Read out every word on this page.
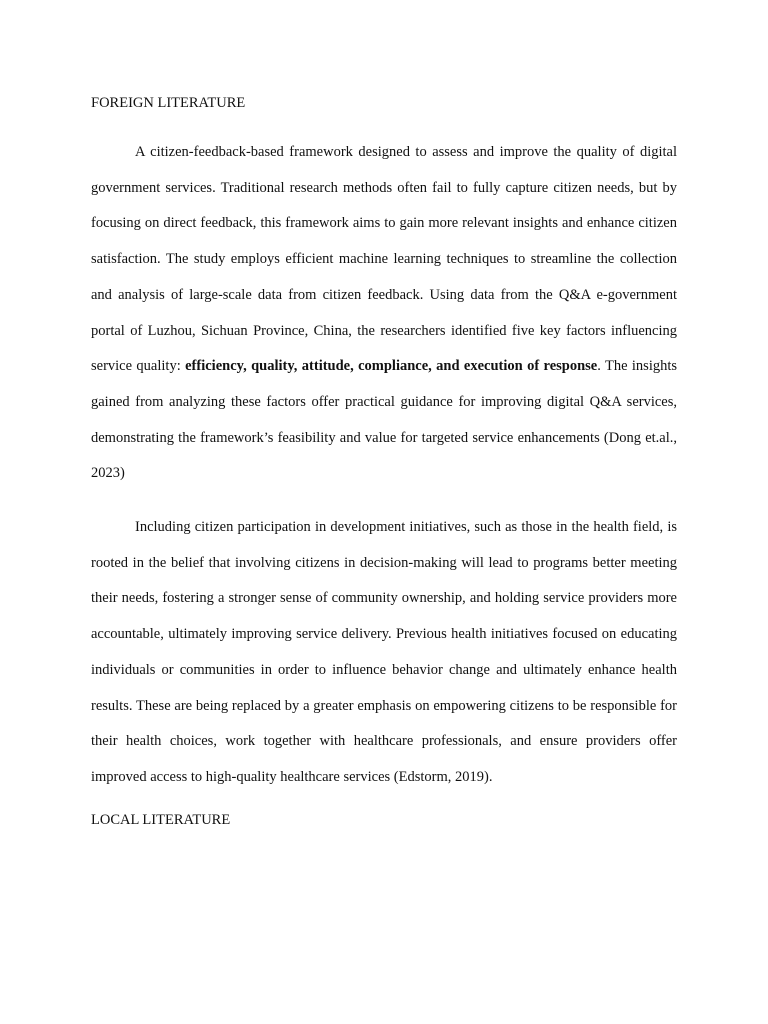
FOREIGN LITERATURE

A citizen-feedback-based framework designed to assess and improve the quality of digital government services. Traditional research methods often fail to fully capture citizen needs, but by focusing on direct feedback, this framework aims to gain more relevant insights and enhance citizen satisfaction. The study employs efficient machine learning techniques to streamline the collection and analysis of large-scale data from citizen feedback. Using data from the Q&A e-government portal of Luzhou, Sichuan Province, China, the researchers identified five key factors influencing service quality: efficiency, quality, attitude, compliance, and execution of response. The insights gained from analyzing these factors offer practical guidance for improving digital Q&A services, demonstrating the framework’s feasibility and value for targeted service enhancements (Dong et.al., 2023)

Including citizen participation in development initiatives, such as those in the health field, is rooted in the belief that involving citizens in decision-making will lead to programs better meeting their needs, fostering a stronger sense of community ownership, and holding service providers more accountable, ultimately improving service delivery. Previous health initiatives focused on educating individuals or communities in order to influence behavior change and ultimately enhance health results. These are being replaced by a greater emphasis on empowering citizens to be responsible for their health choices, work together with healthcare professionals, and ensure providers offer improved access to high-quality healthcare services (Edstorm, 2019).

LOCAL LITERATURE
